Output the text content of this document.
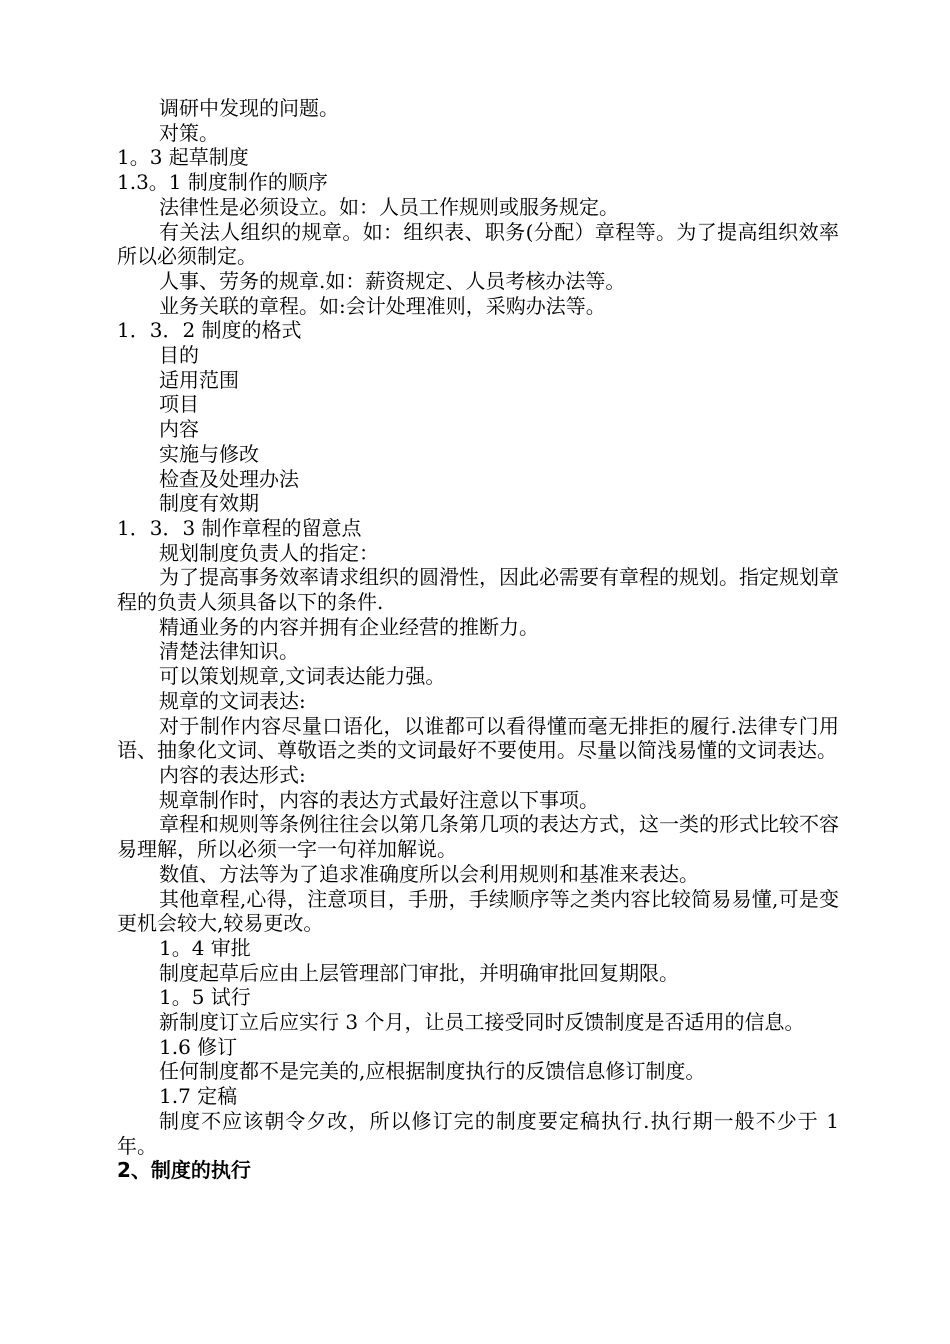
调研中发现的问题。

对策。

1。3 起草制度

1.3。1 制度制作的顺序

法律性是必须设立。如：人员工作规则或服务规定。

有关法人组织的规章。如：组织表、职务(分配）章程等。为了提高组织效率所以必须制定。

人事、劳务的规章.如：薪资规定、人员考核办法等。

业务关联的章程。如:会计处理准则，采购办法等。

1．3．2 制度的格式

目的

适用范围

项目

内容

实施与修改

检查及处理办法

制度有效期

1．3．3 制作章程的留意点

规划制度负责人的指定：

为了提高事务效率请求组织的圆滑性，因此必需要有章程的规划。指定规划章程的负责人须具备以下的条件.

精通业务的内容并拥有企业经营的推断力。

清楚法律知识。

可以策划规章,文词表达能力强。

规章的文词表达:

对于制作内容尽量口语化，以谁都可以看得懂而毫无排拒的履行.法律专门用语、抽象化文词、尊敬语之类的文词最好不要使用。尽量以简浅易懂的文词表达。

内容的表达形式:

规章制作时，内容的表达方式最好注意以下事项。

章程和规则等条例往往会以第几条第几项的表达方式，这一类的形式比较不容易理解，所以必须一字一句祥加解说。

数值、方法等为了追求准确度所以会利用规则和基准来表达。

其他章程,心得，注意项目，手册，手续顺序等之类内容比较简易易懂,可是变更机会较大,较易更改。

1。4 审批

制度起草后应由上层管理部门审批，并明确审批回复期限。

1。5 试行

新制度订立后应实行 3 个月，让员工接受同时反馈制度是否适用的信息。

1.6 修订

任何制度都不是完美的,应根据制度执行的反馈信息修订制度。

1.7 定稿

制度不应该朝令夕改，所以修订完的制度要定稿执行.执行期一般不少于 1 年。

2、制度的执行
